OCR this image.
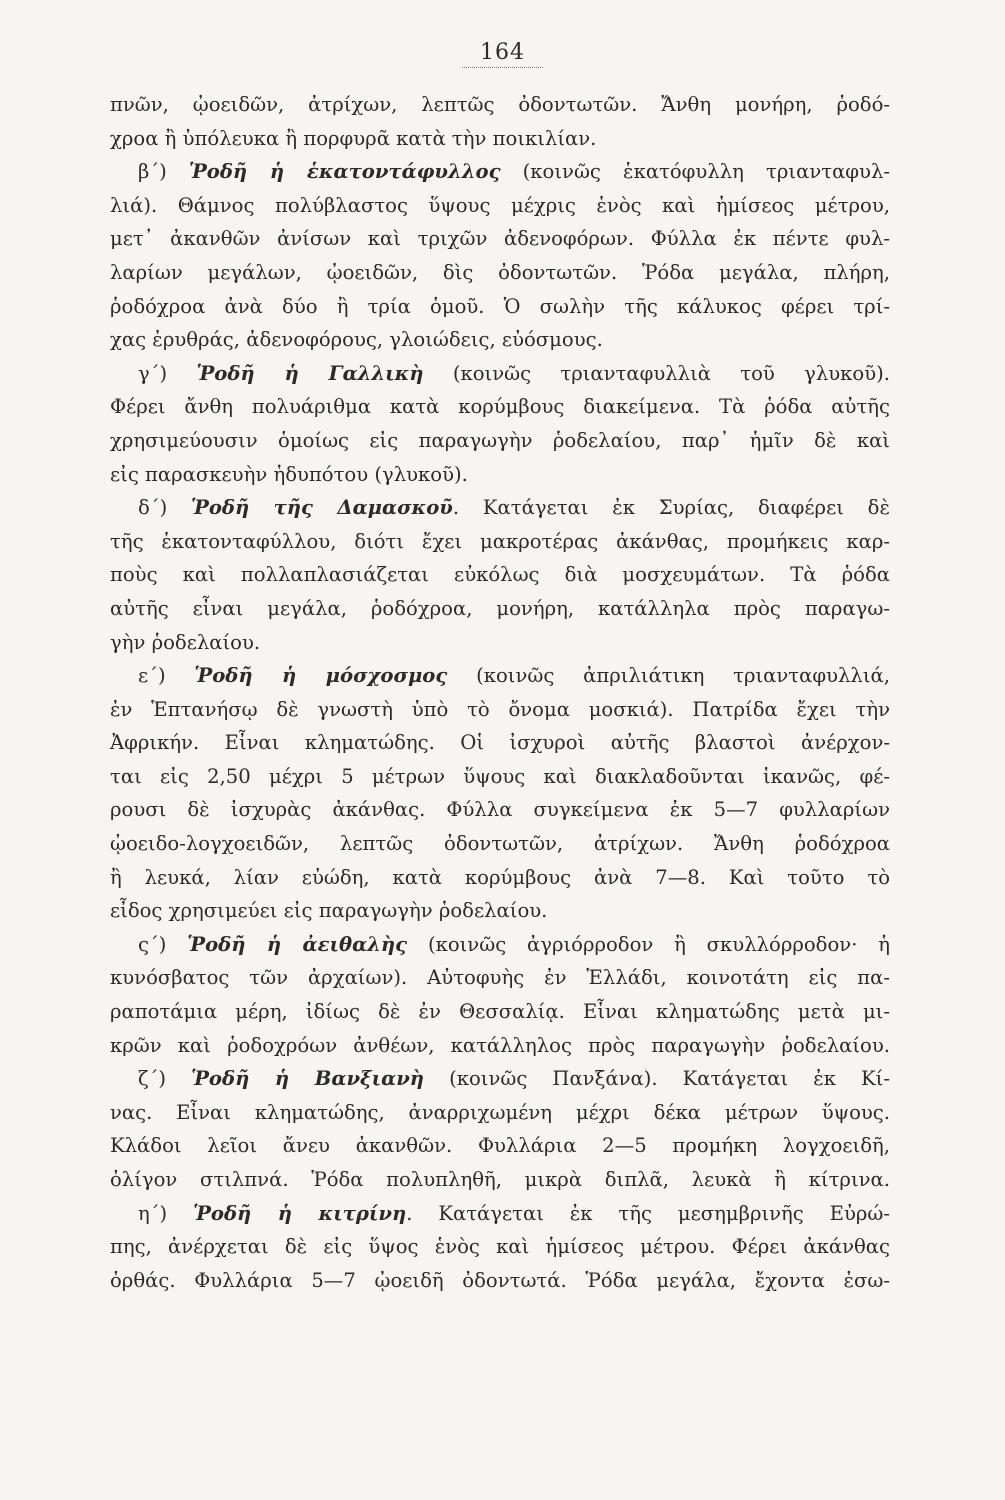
164
πνῶν, ᾠοειδῶν, ἀτρίχων, λεπτῶς ὀδοντωτῶν. Ἄνθη μονήρη, ῥοδό-
χροα ἢ ὑπόλευκα ἢ πορφυρᾶ κατὰ τὴν ποικιλίαν.
β΄) Ῥοδῆ ἡ ἑκατοντάφυλλος (κοινῶς ἑκατόφυλλη τριανταφυλ-
λιά). Θάμνος πολύβλαστος ὕψους μέχρις ἑνὸς καὶ ἡμίσεος μέτρου,
μετ᾽ ἀκανθῶν ἀνίσων καὶ τριχῶν ἀδενοφόρων. Φύλλα ἐκ πέντε φυλ-
λαρίων μεγάλων, ᾠοειδῶν, δὶς ὀδοντωτῶν. Ῥόδα μεγάλα, πλήρη,
ῥοδόχροα ἀνὰ δύο ἢ τρία ὁμοῦ. Ὁ σωλὴν τῆς κάλυκος φέρει τρί-
χας ἐρυθράς, ἀδενοφόρους, γλοιώδεις, εὐόσμους.
γ΄) Ῥοδῆ ἡ Γαλλικὴ (κοινῶς τριανταφυλλιὰ τοῦ γλυκοῦ).
Φέρει ἄνθη πολυάριθμα κατὰ κορύμβους διακείμενα. Τὰ ῥόδα αὐτῆς
χρησιμεύουσιν ὁμοίως εἰς παραγωγὴν ῥοδελαίου, παρ᾽ ἡμῖν δὲ καὶ
εἰς παρασκευὴν ἡδυπότου (γλυκοῦ).
δ΄) Ῥοδῆ τῆς Δαμασκοῦ. Κατάγεται ἐκ Συρίας, διαφέρει δὲ
τῆς ἑκατονταφύλλου, διότι ἔχει μακροτέρας ἀκάνθας, προμήκεις καρ-
ποὺς καὶ πολλαπλασιάζεται εὐκόλως διὰ μοσχευμάτων. Τὰ ῥόδα
αὐτῆς εἶναι μεγάλα, ῥοδόχροα, μονήρη, κατάλληλα πρὸς παραγω-
γὴν ῥοδελαίου.
ε΄) Ῥοδῆ ἡ μόσχοσμος (κοινῶς ἀπριλιάτικη τριανταφυλλιά,
ἐν Ἑπτανήσῳ δὲ γνωστὴ ὑπὸ τὸ ὄνομα μοσκιά). Πατρίδα ἔχει τὴν
Ἀφρικήν. Εἶναι κληματώδης. Οἱ ἰσχυροὶ αὐτῆς βλαστοὶ ἀνέρχον-
ται εἰς 2,50 μέχρι 5 μέτρων ὕψους καὶ διακλαδοῦνται ἱκανῶς, φέ-
ρουσι δὲ ἰσχυρὰς ἀκάνθας. Φύλλα συγκείμενα ἐκ 5—7 φυλλαρίων
ᾠοειδο-λογχοειδῶν, λεπτῶς ὀδοντωτῶν, ἀτρίχων. Ἄνθη ῥοδόχροα
ἢ λευκά, λίαν εὐώδη, κατὰ κορύμβους ἀνὰ 7—8. Καὶ τοῦτο τὸ
εἶδος χρησιμεύει εἰς παραγωγὴν ῥοδελαίου.
ς΄) Ῥοδῆ ἡ ἀειθαλὴς (κοινῶς ἀγριόρροδον ἢ σκυλλόρροδον· ἡ
κυνόσβατος τῶν ἀρχαίων). Αὐτοφυὴς ἐν Ἑλλάδι, κοινοτάτη εἰς πα-
ραποτάμια μέρη, ἰδίως δὲ ἐν Θεσσαλίᾳ. Εἶναι κληματώδης μετὰ μι-
κρῶν καὶ ῥοδοχρόων ἀνθέων, κατάλληλος πρὸς παραγωγὴν ῥοδελαίου.
ζ΄) Ῥοδῆ ἡ Βανξιανὴ (κοινῶς Πανξάνα). Κατάγεται ἐκ Κί-
νας. Εἶναι κληματώδης, ἀναρριχωμένη μέχρι δέκα μέτρων ὕψους.
Κλάδοι λεῖοι ἄνευ ἀκανθῶν. Φυλλάρια 2—5 προμήκη λογχοειδῆ,
ὀλίγον στιλπνά. Ῥόδα πολυπληθῆ, μικρὰ διπλᾶ, λευκὰ ἢ κίτρινα.
η΄) Ῥοδῆ ἡ κιτρίνη. Κατάγεται ἐκ τῆς μεσημβρινῆς Εὐρώ-
πης, ἀνέρχεται δὲ εἰς ὕψος ἑνὸς καὶ ἡμίσεος μέτρου. Φέρει ἀκάνθας
ὀρθάς. Φυλλάρια 5—7 ᾠοειδῆ ὀδοντωτά. Ῥόδα μεγάλα, ἔχοντα ἐσω-
